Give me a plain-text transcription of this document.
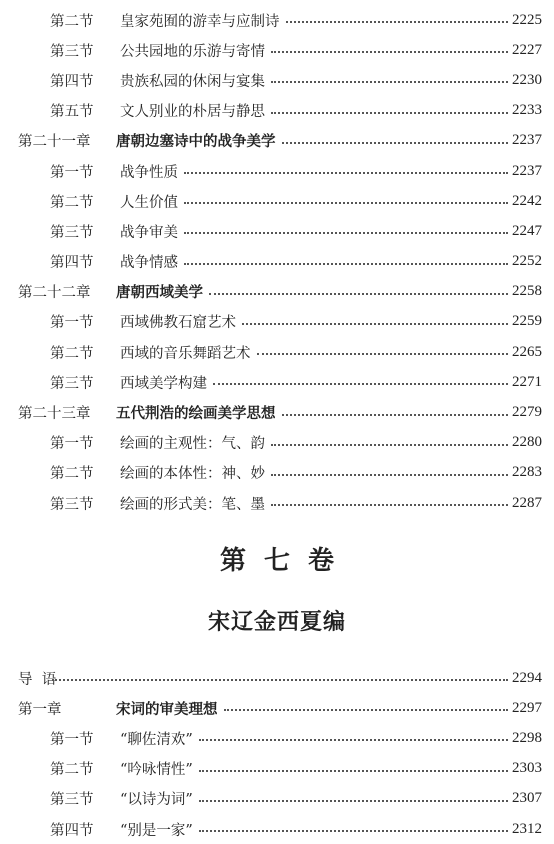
第二节	皇家苑囿的游幸与应制诗	2225
第三节	公共园地的乐游与寄情	2227
第四节	贵族私园的休闲与宴集	2230
第五节	文人别业的朴居与静思	2233
第二十一章	唐朝边塞诗中的战争美学	2237
第一节	战争性质	2237
第二节	人生价值	2242
第三节	战争审美	2247
第四节	战争情感	2252
第二十二章	唐朝西域美学	2258
第一节	西域佛教石窟艺术	2259
第二节	西域的音乐舞蹈艺术	2265
第三节	西域美学构建	2271
第二十三章	五代荆浩的绘画美学思想	2279
第一节	绘画的主观性：气、韵	2280
第二节	绘画的本体性：神、妙	2283
第三节	绘画的形式美：笔、墨	2287
第七卷
宋辽金西夏编
导  语	2294
第一章	宋词的审美理想	2297
第一节	“聊佐清欢”	2298
第二节	“吟咏情性”	2303
第三节	“以诗为词”	2307
第四节	“别是一家”	2312
